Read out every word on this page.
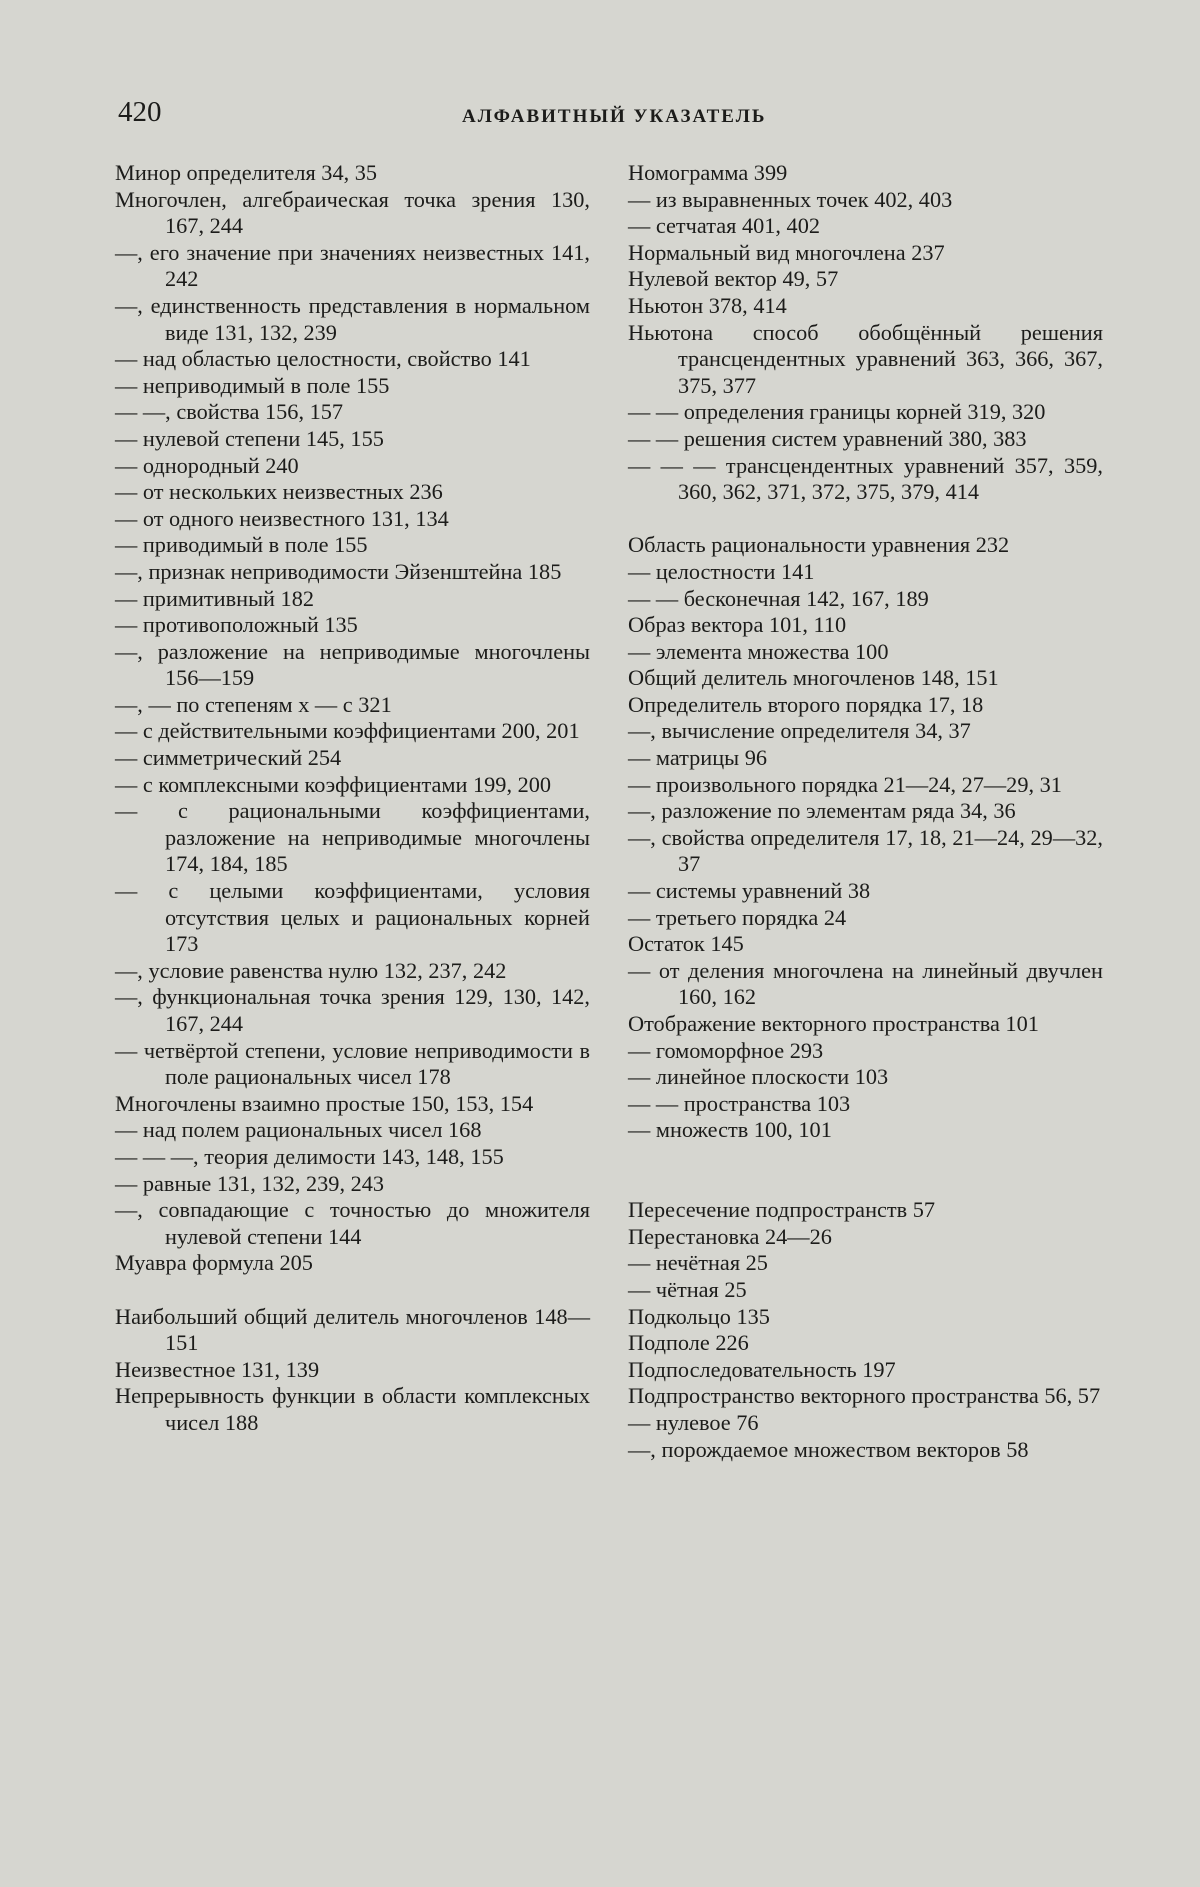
420	АЛФАВИТНЫЙ УКАЗАТЕЛЬ

Минор определителя 34, 35

Многочлен, алгебраическая точка зрения 130, 167, 244

—, его значение при значениях неизвестных 141, 242

—, единственность представления в нормальном виде 131, 132, 239

— над областью целостности, свойство 141

— неприводимый в поле 155

— —, свойства 156, 157

— нулевой степени 145, 155

— однородный 240

— от нескольких неизвестных 236

— от одного неизвестного 131, 134

— приводимый в поле 155

—, признак неприводимости Эйзенштейна 185

— примитивный 182

— противоположный 135

—, разложение на неприводимые многочлены 156—159

—, — по степеням x — c 321

— с действительными коэффициентами 200, 201

— симметрический 254

— с комплексными коэффициентами 199, 200

— с рациональными коэффициентами, разложение на неприводимые многочлены 174, 184, 185

— с целыми коэффициентами, условия отсутствия целых и рациональных корней 173

—, условие равенства нулю 132, 237, 242

—, функциональная точка зрения 129, 130, 142, 167, 244

— четвёртой степени, условие неприводимости в поле рациональных чисел 178

Многочлены взаимно простые 150, 153, 154

— над полем рациональных чисел 168

— — —, теория делимости 143, 148, 155

— равные 131, 132, 239, 243

—, совпадающие с точностью до множителя нулевой степени 144

Муавра формула 205

Наибольший общий делитель многочленов 148—151

Неизвестное 131, 139

Непрерывность функции в области комплексных чисел 188

Номограмма 399

— из выравненных точек 402, 403

— сетчатая 401, 402

Нормальный вид многочлена 237

Нулевой вектор 49, 57

Ньютон 378, 414

Ньютона способ обобщённый решения трансцендентных уравнений 363, 366, 367, 375, 377

— — определения границы корней 319, 320

— — решения систем уравнений 380, 383

— — — трансцендентных уравнений 357, 359, 360, 362, 371, 372, 375, 379, 414

Область рациональности уравнения 232

— целостности 141

— — бесконечная 142, 167, 189

Образ вектора 101, 110

— элемента множества 100

Общий делитель многочленов 148, 151

Определитель второго порядка 17, 18

—, вычисление определителя 34, 37

— матрицы 96

— произвольного порядка 21—24, 27—29, 31

—, разложение по элементам ряда 34, 36

—, свойства определителя 17, 18, 21—24, 29—32, 37

— системы уравнений 38

— третьего порядка 24

Остаток 145

— от деления многочлена на линейный двучлен 160, 162

Отображение векторного пространства 101

— гомоморфное 293

— линейное плоскости 103

— — пространства 103

— множеств 100, 101

Пересечение подпространств 57

Перестановка 24—26

— нечётная 25

— чётная 25

Подкольцо 135

Подполе 226

Подпоследовательность 197

Подпространство векторного пространства 56, 57

— нулевое 76

—, порождаемое множеством векторов 58
